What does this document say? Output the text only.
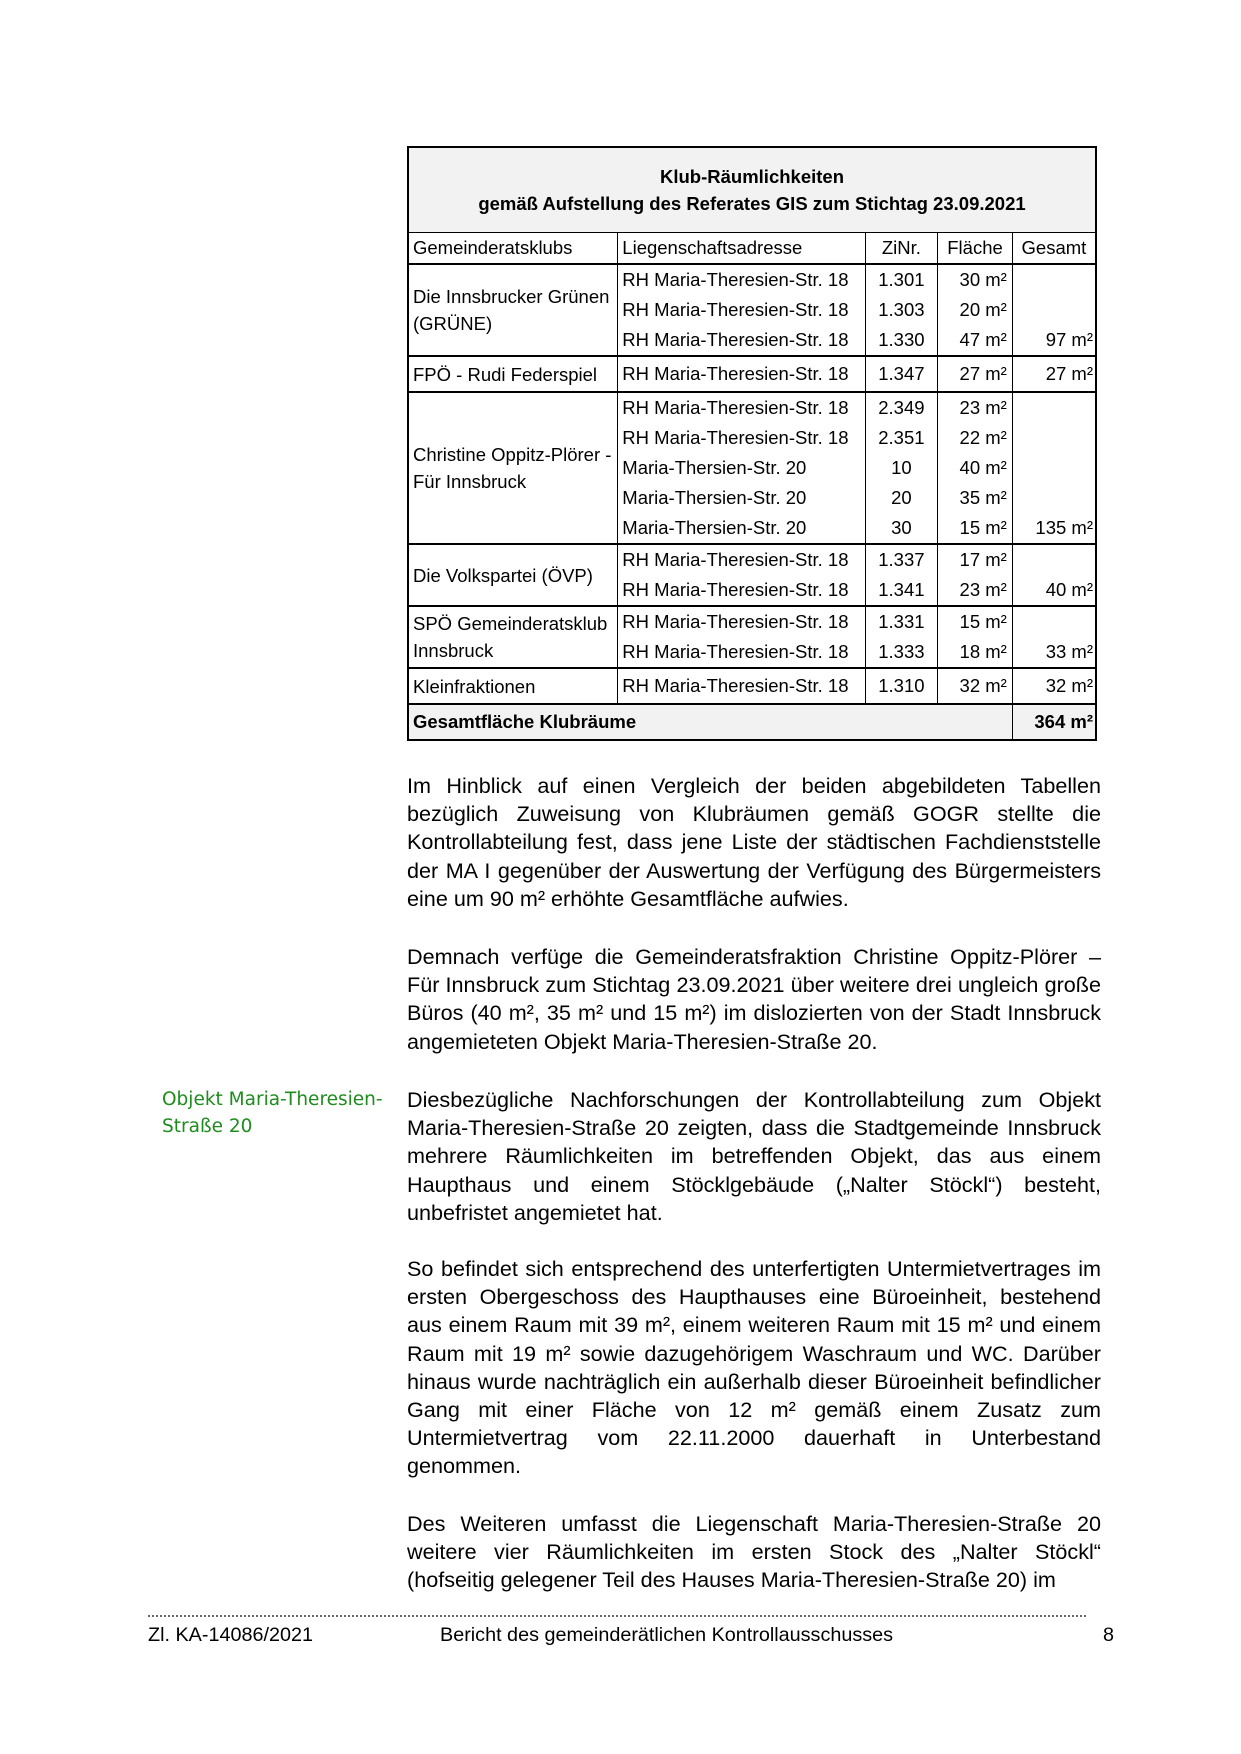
Klub-Räumlichkeiten
gemäß Aufstellung des Referates GIS zum Stichtag 23.09.2021				

Gemeinderatsklubs	Liegenschaftsadresse	ZiNr.	Fläche	Gesamt
Die Innsbrucker Grünen (GRÜNE)	RH Maria-Theresien-Str. 18	1.301	30 m²	
	RH Maria-Theresien-Str. 18	1.303	20 m²	
	RH Maria-Theresien-Str. 18	1.330	47 m²	97 m²
FPÖ - Rudi Federspiel	RH Maria-Theresien-Str. 18	1.347	27 m²	27 m²
Christine Oppitz-Plörer - Für Innsbruck	RH Maria-Theresien-Str. 18	2.349	23 m²	
	RH Maria-Theresien-Str. 18	2.351	22 m²	
	Maria-Thersien-Str. 20	10	40 m²	
	Maria-Thersien-Str. 20	20	35 m²	
	Maria-Thersien-Str. 20	30	15 m²	135 m²
Die Volkspartei (ÖVP)	RH Maria-Theresien-Str. 18	1.337	17 m²	
	RH Maria-Theresien-Str. 18	1.341	23 m²	40 m²
SPÖ Gemeinderatsklub Innsbruck	RH Maria-Theresien-Str. 18	1.331	15 m²	
	RH Maria-Theresien-Str. 18	1.333	18 m²	33 m²
Kleinfraktionen	RH Maria-Theresien-Str. 18	1.310	32 m²	32 m²
Gesamtfläche Klubräume				364 m²
Im Hinblick auf einen Vergleich der beiden abgebildeten Tabellen bezüglich Zuweisung von Klubräumen gemäß GOGR stellte die Kontrollabteilung fest, dass jene Liste der städtischen Fachdienststelle der MA I gegenüber der Auswertung der Verfügung des Bürgermeisters eine um 90 m² erhöhte Gesamtfläche aufwies.
Demnach verfüge die Gemeinderatsfraktion Christine Oppitz-Plörer – Für Innsbruck zum Stichtag 23.09.2021 über weitere drei ungleich große Büros (40 m², 35 m² und 15 m²) im dislozierten von der Stadt Innsbruck angemieteten Objekt Maria-Theresien-Straße 20.
Objekt Maria-Theresien-Straße 20
Diesbezügliche Nachforschungen der Kontrollabteilung zum Objekt Maria-Theresien-Straße 20 zeigten, dass die Stadtgemeinde Innsbruck mehrere Räumlichkeiten im betreffenden Objekt, das aus einem Haupthaus und einem Stöcklgebäude („Nalter Stöckl“) besteht, unbefristet angemietet hat.
So befindet sich entsprechend des unterfertigten Untermietvertrages im ersten Obergeschoss des Haupthauses eine Büroeinheit, bestehend aus einem Raum mit 39 m², einem weiteren Raum mit 15 m² und einem Raum mit 19 m² sowie dazugehörigem Waschraum und WC. Darüber hinaus wurde nachträglich ein außerhalb dieser Büroeinheit befindlicher Gang mit einer Fläche von 12 m² gemäß einem Zusatz zum Untermietvertrag vom 22.11.2000 dauerhaft in Unterbestand genommen.
Des Weiteren umfasst die Liegenschaft Maria-Theresien-Straße 20 weitere vier Räumlichkeiten im ersten Stock des „Nalter Stöckl“ (hofseitig gelegener Teil des Hauses Maria-Theresien-Straße 20) im
Zl. KA-14086/2021	Bericht des gemeinderätlichen Kontrollausschusses	8
